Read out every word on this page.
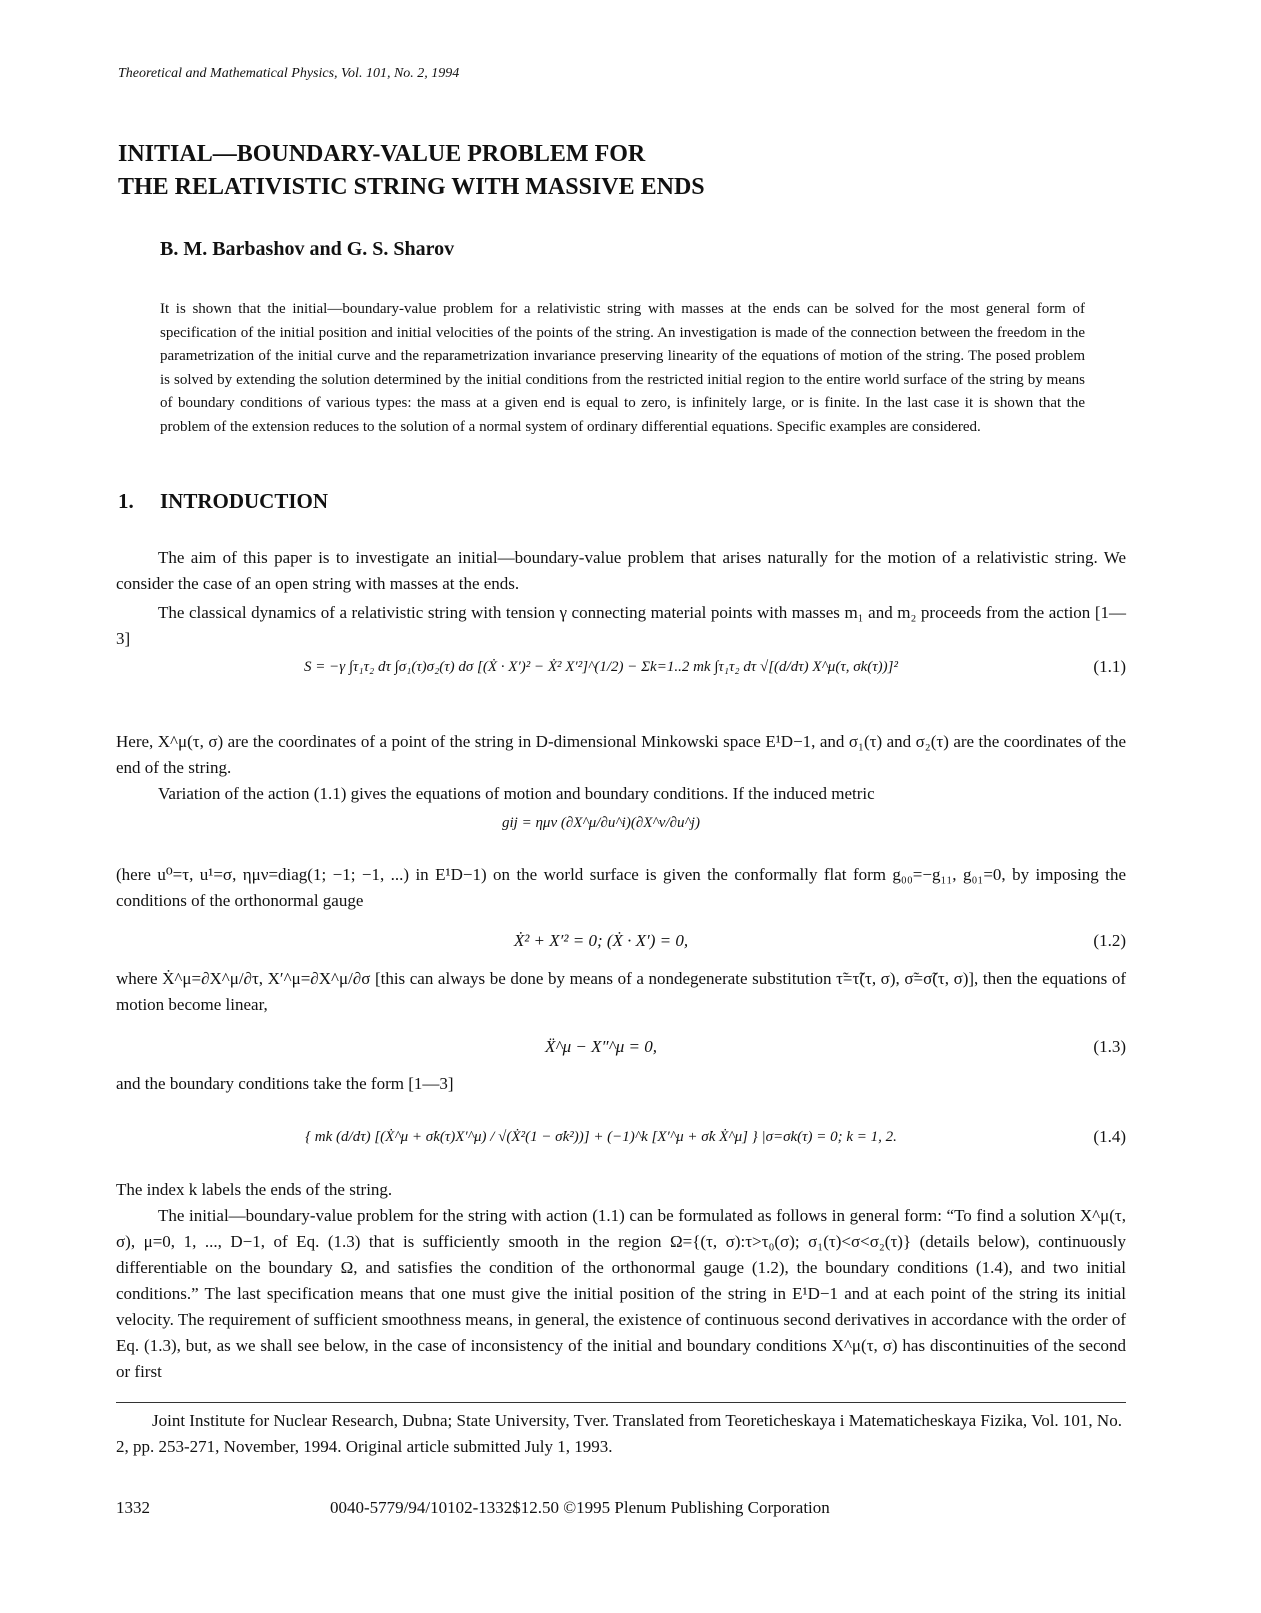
Theoretical and Mathematical Physics, Vol. 101, No. 2, 1994
INITIAL—BOUNDARY-VALUE PROBLEM FOR
THE RELATIVISTIC STRING WITH MASSIVE ENDS
B. M. Barbashov and G. S. Sharov

It is shown that the initial—boundary-value problem for a relativistic string with masses at the ends can be solved for the most general form of specification of the initial position and initial velocities of the points of the string. An investigation is made of the connection between the freedom in the parametrization of the initial curve and the reparametrization invariance preserving linearity of the equations of motion of the string. The posed problem is solved by extending the solution determined by the initial conditions from the restricted initial region to the entire world surface of the string by means of boundary conditions of various types: the mass at a given end is equal to zero, is infinitely large, or is finite. In the last case it is shown that the problem of the extension reduces to the solution of a normal system of ordinary differential equations. Specific examples are considered.

1. INTRODUCTION

The aim of this paper is to investigate an initial—boundary-value problem that arises naturally for the motion of a relativistic string. We consider the case of an open string with masses at the ends.

The classical dynamics of a relativistic string with tension γ connecting material points with masses m₁ and m₂ proceeds from the action [1—3]

S = −γ ∫τ₁τ₂ dτ ∫σ₁(τ)σ₂(τ) dσ [(Ẋ · X′)² − Ẋ² X′²]^(1/2) − Σk=1..2 mk ∫τ₁τ₂ dτ √[(d/dτ) X^μ(τ, σk(τ))]²	(1.1)

Here, X^μ(τ, σ) are the coordinates of a point of the string in D-dimensional Minkowski space E¹D−1, and σ₁(τ) and σ₂(τ) are the coordinates of the end of the string.

Variation of the action (1.1) gives the equations of motion and boundary conditions. If the induced metric

gij = ημν (∂X^μ/∂u^i)(∂X^ν/∂u^j)

(here u⁰=τ, u¹=σ, ημν=diag(1; −1; −1, ...) in E¹D−1) on the world surface is given the conformally flat form g₀₀=−g₁₁, g₀₁=0, by imposing the conditions of the orthonormal gauge

Ẋ² + X′² = 0; (Ẋ · X′) = 0,	(1.2)

where Ẋ^μ=∂X^μ/∂τ, X′^μ=∂X^μ/∂σ [this can always be done by means of a nondegenerate substitution τ̃=τ̃(τ, σ), σ̃=σ̃(τ, σ)], then the equations of motion become linear,

Ẍ^μ − X″^μ = 0,	(1.3)

and the boundary conditions take the form [1—3]

{ mk (d/dτ) [(Ẋ^μ + σ̇k(τ)X′^μ) / √(Ẋ²(1 − σ̇k²))] + (−1)^k [X′^μ + σ̇k Ẋ^μ] } |σ=σk(τ) = 0; k = 1, 2.	(1.4)

The index k labels the ends of the string.

The initial—boundary-value problem for the string with action (1.1) can be formulated as follows in general form: “To find a solution X^μ(τ, σ), μ=0, 1, ..., D−1, of Eq. (1.3) that is sufficiently smooth in the region Ω={(τ, σ):τ>τ₀(σ); σ₁(τ)<σ<σ₂(τ)} (details below), continuously differentiable on the boundary Ω, and satisfies the condition of the orthonormal gauge (1.2), the boundary conditions (1.4), and two initial conditions.” The last specification means that one must give the initial position of the string in E¹D−1 and at each point of the string its initial velocity. The requirement of sufficient smoothness means, in general, the existence of continuous second derivatives in accordance with the order of Eq. (1.3), but, as we shall see below, in the case of inconsistency of the initial and boundary conditions X^μ(τ, σ) has discontinuities of the second or first

Joint Institute for Nuclear Research, Dubna; State University, Tver. Translated from Teoreticheskaya i Matematicheskaya Fizika, Vol. 101, No. 2, pp. 253-271, November, 1994. Original article submitted July 1, 1993.

1332	0040-5779/94/10102-1332$12.50 ©1995 Plenum Publishing Corporation
